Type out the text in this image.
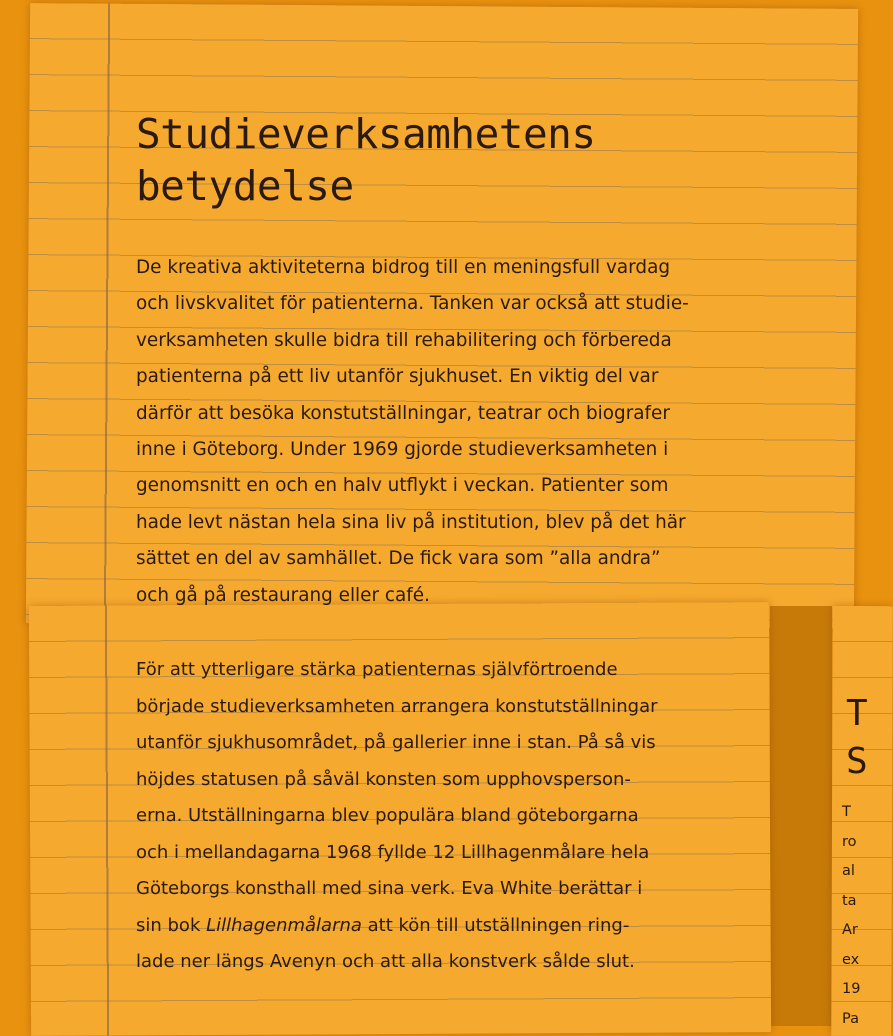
Studieverksamhetens
betydelse

De kreativa aktiviteterna bidrog till en meningsfull vardag
och livskvalitet för patienterna. Tanken var också att studie-
verksamheten skulle bidra till rehabilitering och förbereda
patienterna på ett liv utanför sjukhuset. En viktig del var
därför att besöka konstutställningar, teatrar och biografer
inne i Göteborg. Under 1969 gjorde studieverksamheten i
genomsnitt en och en halv utflykt i veckan. Patienter som
hade levt nästan hela sina liv på institution, blev på det här
sättet en del av samhället. De fick vara som ”alla andra”
och gå på restaurang eller café.

För att ytterligare stärka patienternas självförtroende
började studieverksamheten arrangera konstutställningar
utanför sjukhusområdet, på gallerier inne i stan. På så vis
höjdes statusen på såväl konsten som upphovsperson-
erna. Utställningarna blev populära bland göteborgarna
och i mellandagarna 1968 fyllde 12 Lillhagenmålare hela
Göteborgs konsthall med sina verk. Eva White berättar i
sin bok Lillhagenmålarna att kön till utställningen ring-
lade ner längs Avenyn och att alla konstverk sålde slut.

T
S
T
ro
al
ta
Ar
ex
19
Pa
